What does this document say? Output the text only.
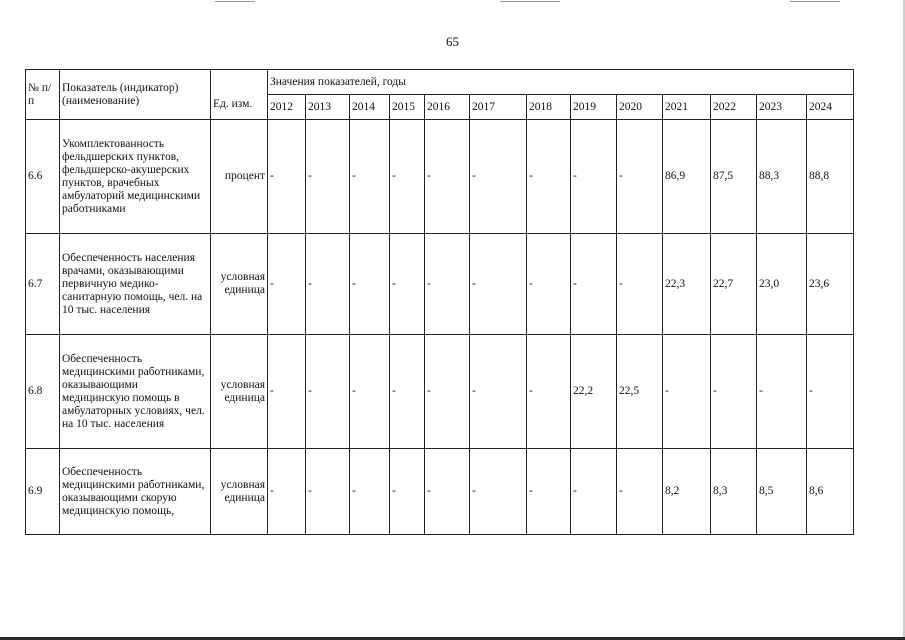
65
№ п/п	Показатель (индикатор) (наименование)	Ед. изм.	Значения показателей, годы												
			2012	2013	2014	2015	2016	2017	2018	2019	2020	2021	2022	2023	2024
6.6	Укомплектованность фельдшерских пунктов, фельдшерско-акушерских пунктов, врачебных амбулаторий медицинскими работниками	процент	-	-	-	-	-	-	-	-	-	86,9	87,5	88,3	88,8
6.7	Обеспеченность населения врачами, оказывающими первичную медико-санитарную помощь, чел. на 10 тыс. населения	условная единица	-	-	-	-	-	-	-	-	-	22,3	22,7	23,0	23,6
6.8	Обеспеченность медицинскими работниками, оказывающими медицинскую помощь в амбулаторных условиях, чел. на 10 тыс. населения	условная единица	-	-	-	-	-	-	-	22,2	22,5	-	-	-	-
6.9	Обеспеченность медицинскими работниками, оказывающими скорую медицинскую помощь,	условная единица	-	-	-	-	-	-	-	-	-	8,2	8,3	8,5	8,6
